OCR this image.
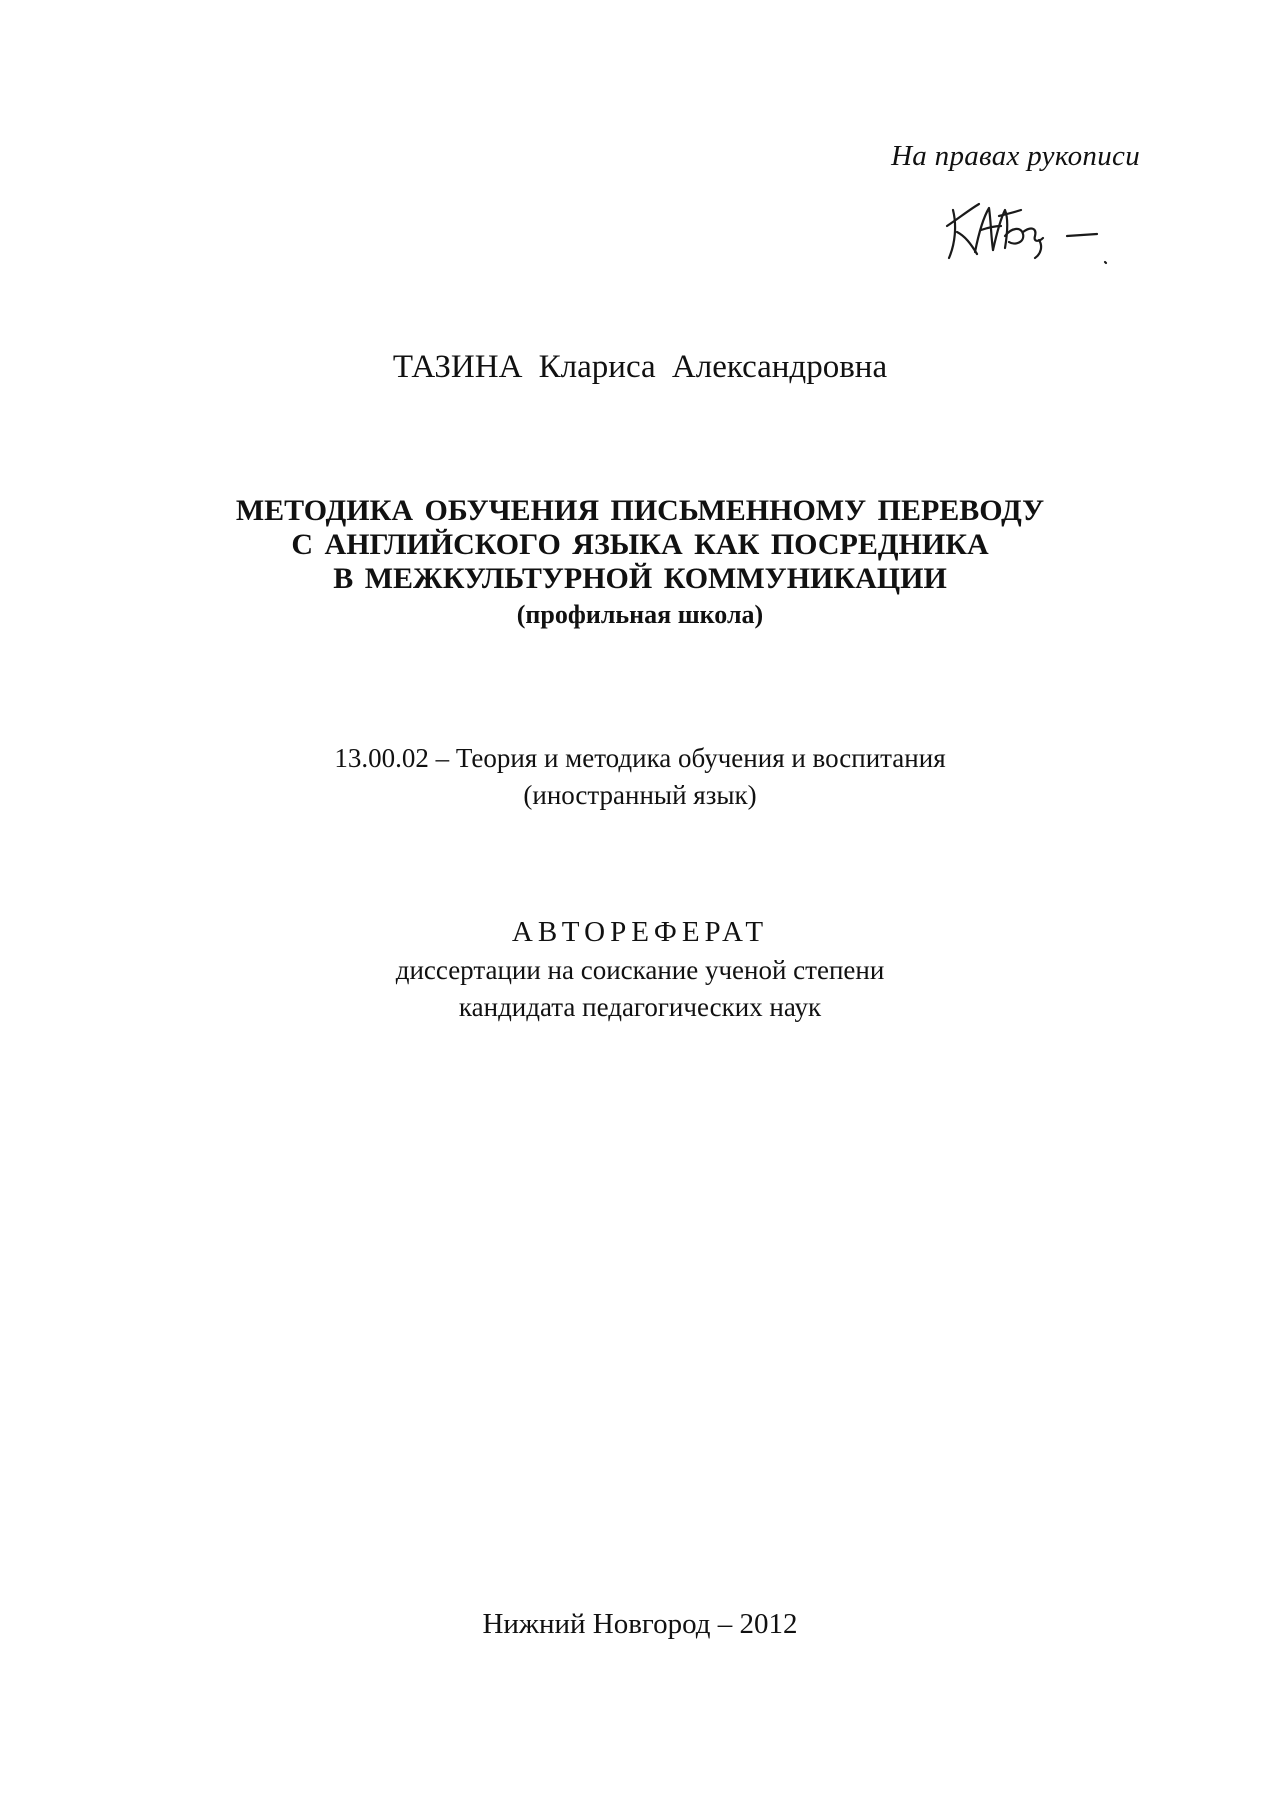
На правах рукописи
ТАЗИНА Клариса Александровна
МЕТОДИКА ОБУЧЕНИЯ ПИСЬМЕННОМУ ПЕРЕВОДУ
С АНГЛИЙСКОГО ЯЗЫКА КАК ПОСРЕДНИКА
В МЕЖКУЛЬТУРНОЙ КОММУНИКАЦИИ
(профильная школа)
13.00.02 – Теория и методика обучения и воспитания
(иностранный язык)
АВТОРЕФЕРАТ
диссертации на соискание ученой степени
кандидата педагогических наук
Нижний Новгород – 2012
